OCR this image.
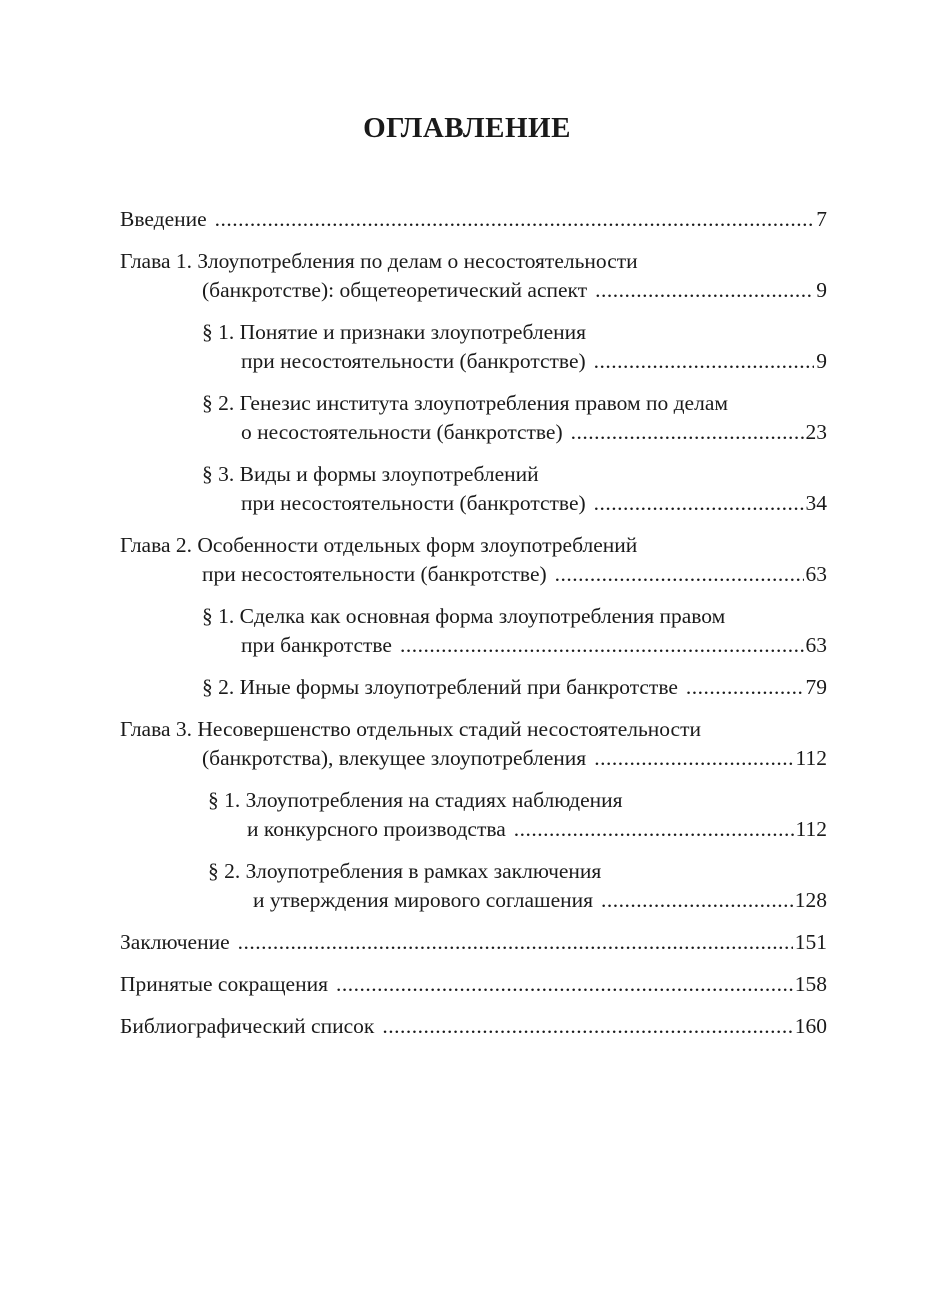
ОГЛАВЛЕНИЕ
Введение .....	7
Глава 1. Злоупотребления по делам о несостоятельности
(банкротстве): общетеоретический аспект .....	9
§ 1. Понятие и признаки злоупотребления
при несостоятельности (банкротстве) .....	9
§ 2. Генезис института злоупотребления правом по делам
о несостоятельности (банкротстве) .....	23
§ 3. Виды и формы злоупотреблений
при несостоятельности (банкротстве) .....	34
Глава 2. Особенности отдельных форм злоупотреблений
при несостоятельности (банкротстве) .....	63
§ 1. Сделка как основная форма злоупотребления правом
при банкротстве .....	63
§ 2. Иные формы злоупотреблений при банкротстве .....	79
Глава 3. Несовершенство отдельных стадий несостоятельности
(банкротства), влекущее злоупотребления .....	112
§ 1. Злоупотребления на стадиях наблюдения
и конкурсного производства .....	112
§ 2. Злоупотребления в рамках заключения
и утверждения мирового соглашения .....	128
Заключение .....	151
Принятые сокращения .....	158
Библиографический список .....	160
